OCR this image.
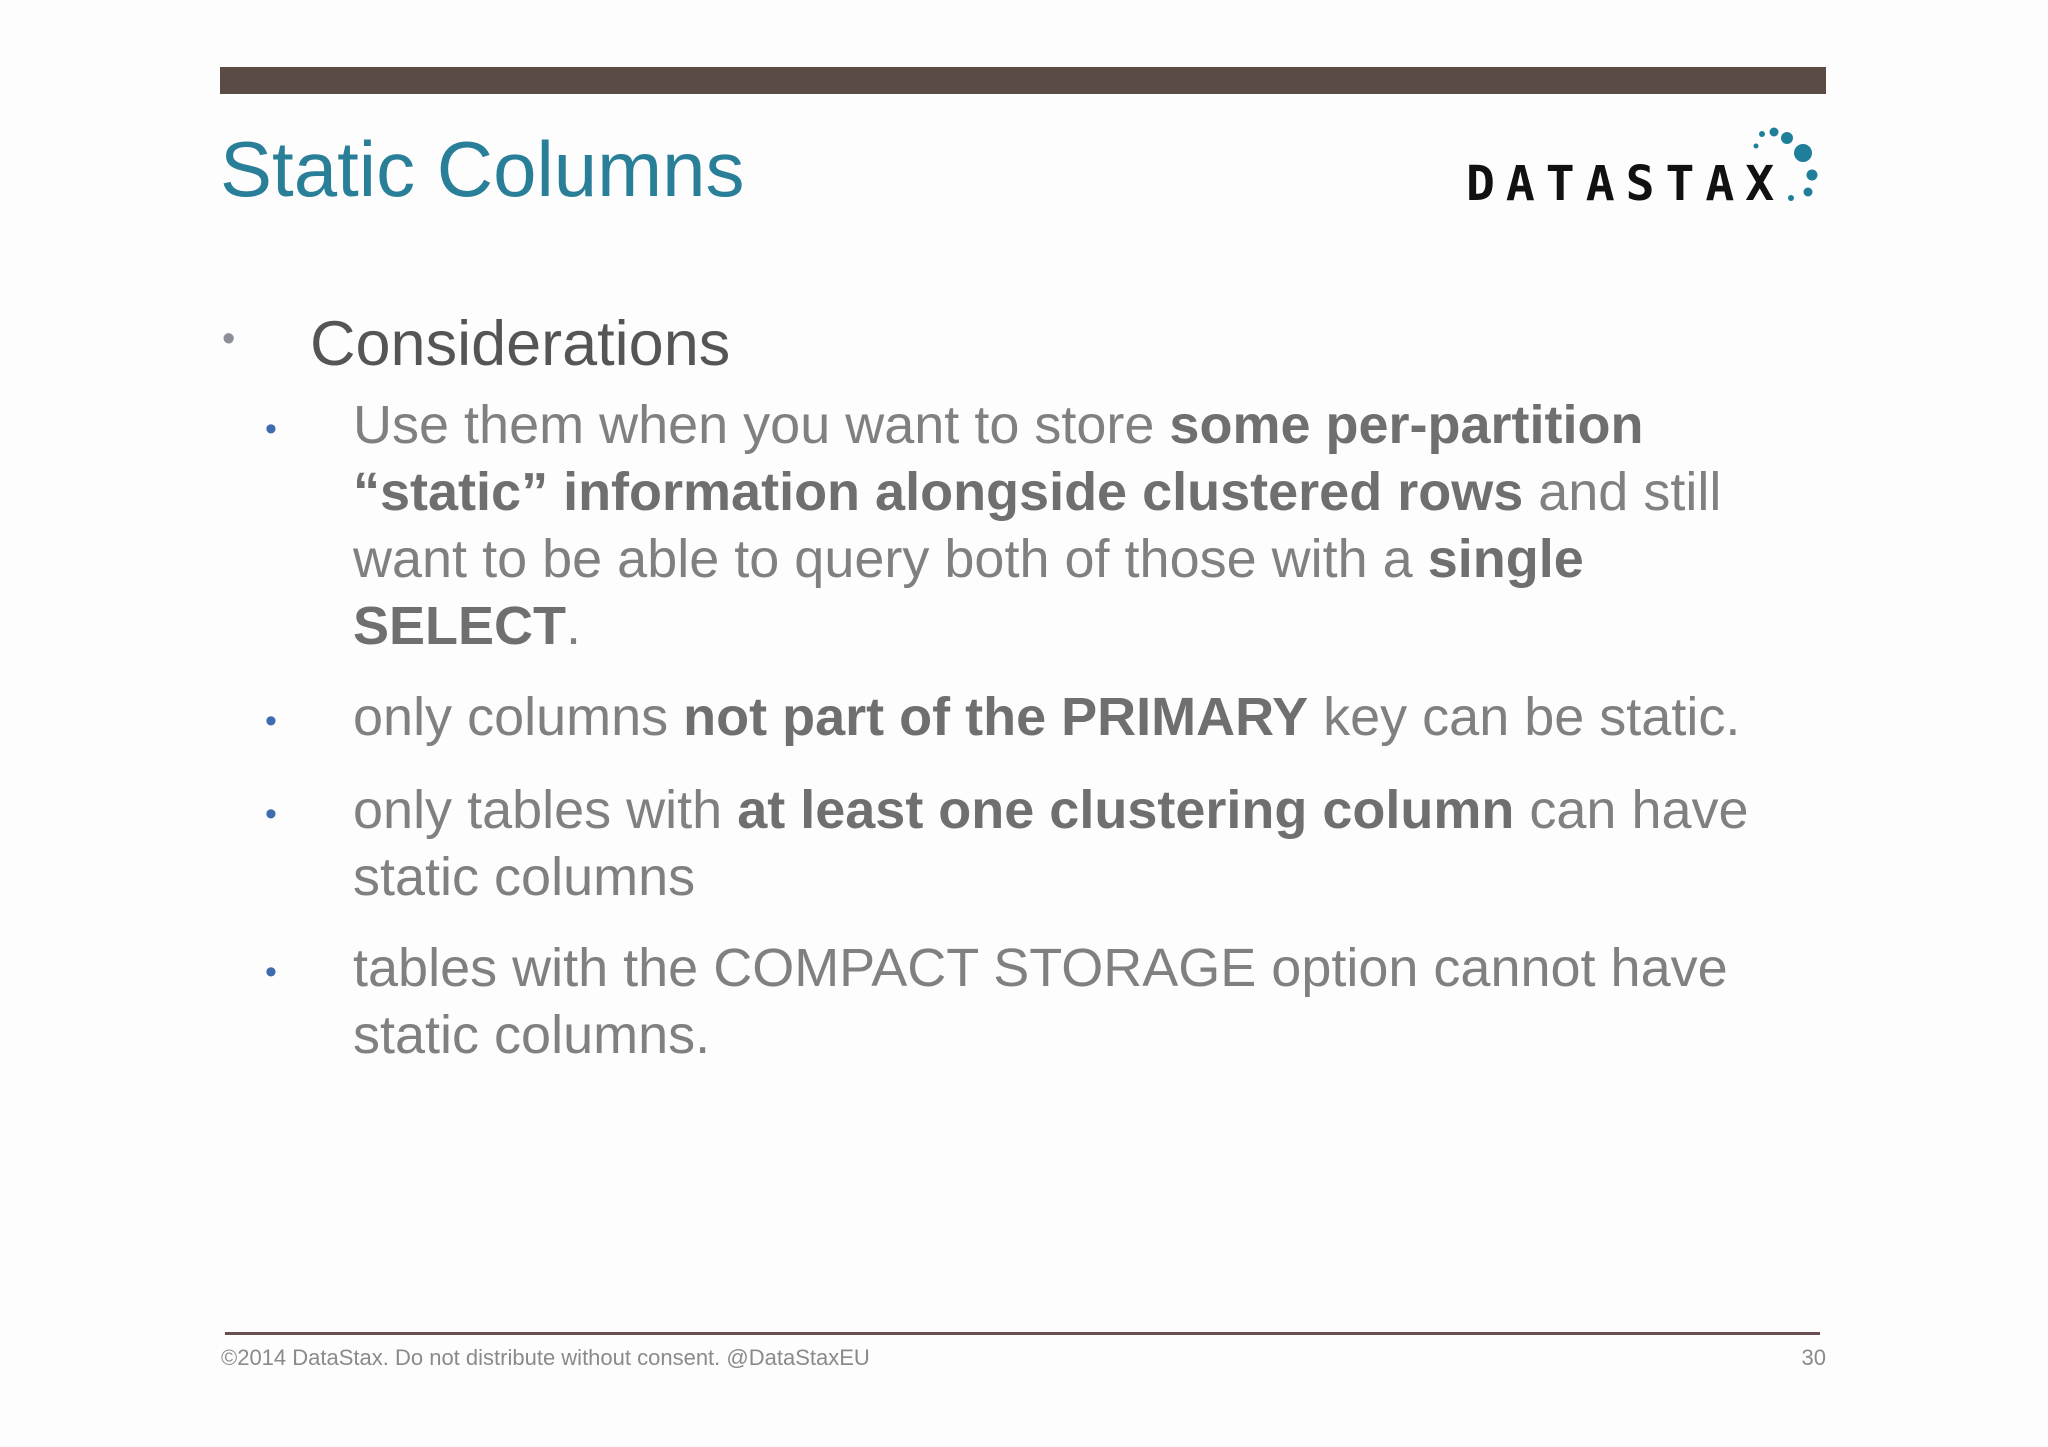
Static Columns	DATASTAX
• Considerations
• Use them when you want to store some per-partition “static” information alongside clustered rows and still want to be able to query both of those with a single SELECT.
• only columns not part of the PRIMARY key can be static.
• only tables with at least one clustering column can have static columns
• tables with the COMPACT STORAGE option cannot have static columns.
©2014 DataStax. Do not distribute without consent. @DataStaxEU	30
